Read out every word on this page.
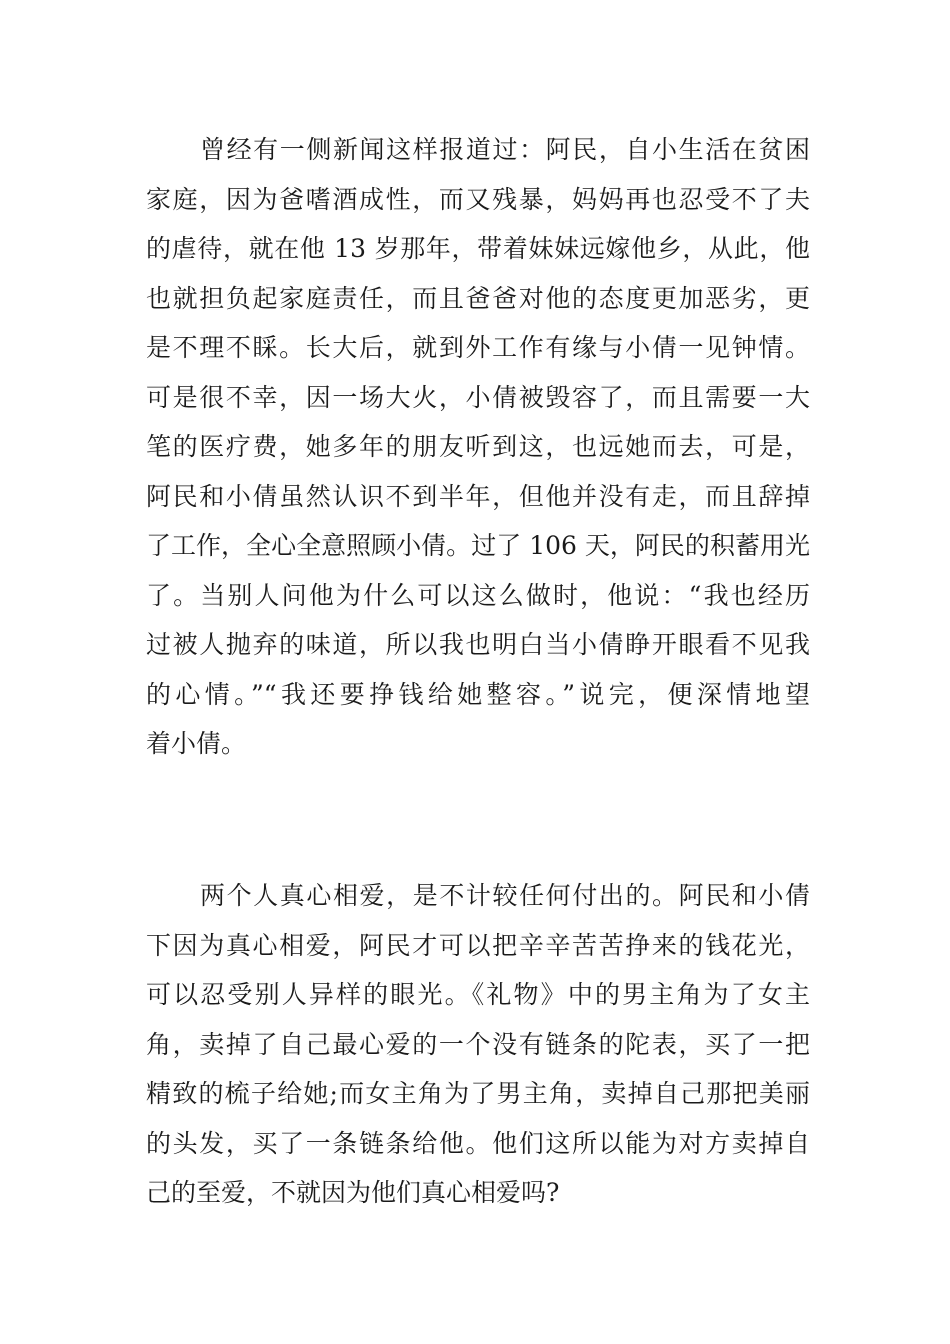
曾经有一侧新闻这样报道过：阿民，自小生活在贫困
家庭，因为爸嗜酒成性，而又残暴，妈妈再也忍受不了夫
的虐待，就在他 13 岁那年，带着妹妹远嫁他乡，从此，他
也就担负起家庭责任，而且爸爸对他的态度更加恶劣，更
是不理不睬。长大后，就到外工作有缘与小倩一见钟情。
可是很不幸，因一场大火，小倩被毁容了，而且需要一大
笔的医疗费，她多年的朋友听到这，也远她而去，可是，
阿民和小倩虽然认识不到半年，但他并没有走，而且辞掉
了工作，全心全意照顾小倩。过了 106 天，阿民的积蓄用光
了。当别人问他为什么可以这么做时，他说：“我也经历
过被人抛弃的味道，所以我也明白当小倩睁开眼看不见我
的心情。”“我还要挣钱给她整容。”说完，便深情地望
着小倩。
两个人真心相爱，是不计较任何付出的。阿民和小倩
下因为真心相爱，阿民才可以把辛辛苦苦挣来的钱花光，
可以忍受别人异样的眼光。《礼物》中的男主角为了女主
角，卖掉了自己最心爱的一个没有链条的陀表，买了一把
精致的梳子给她;而女主角为了男主角，卖掉自己那把美丽
的头发，买了一条链条给他。他们这所以能为对方卖掉自
己的至爱，不就因为他们真心相爱吗?
